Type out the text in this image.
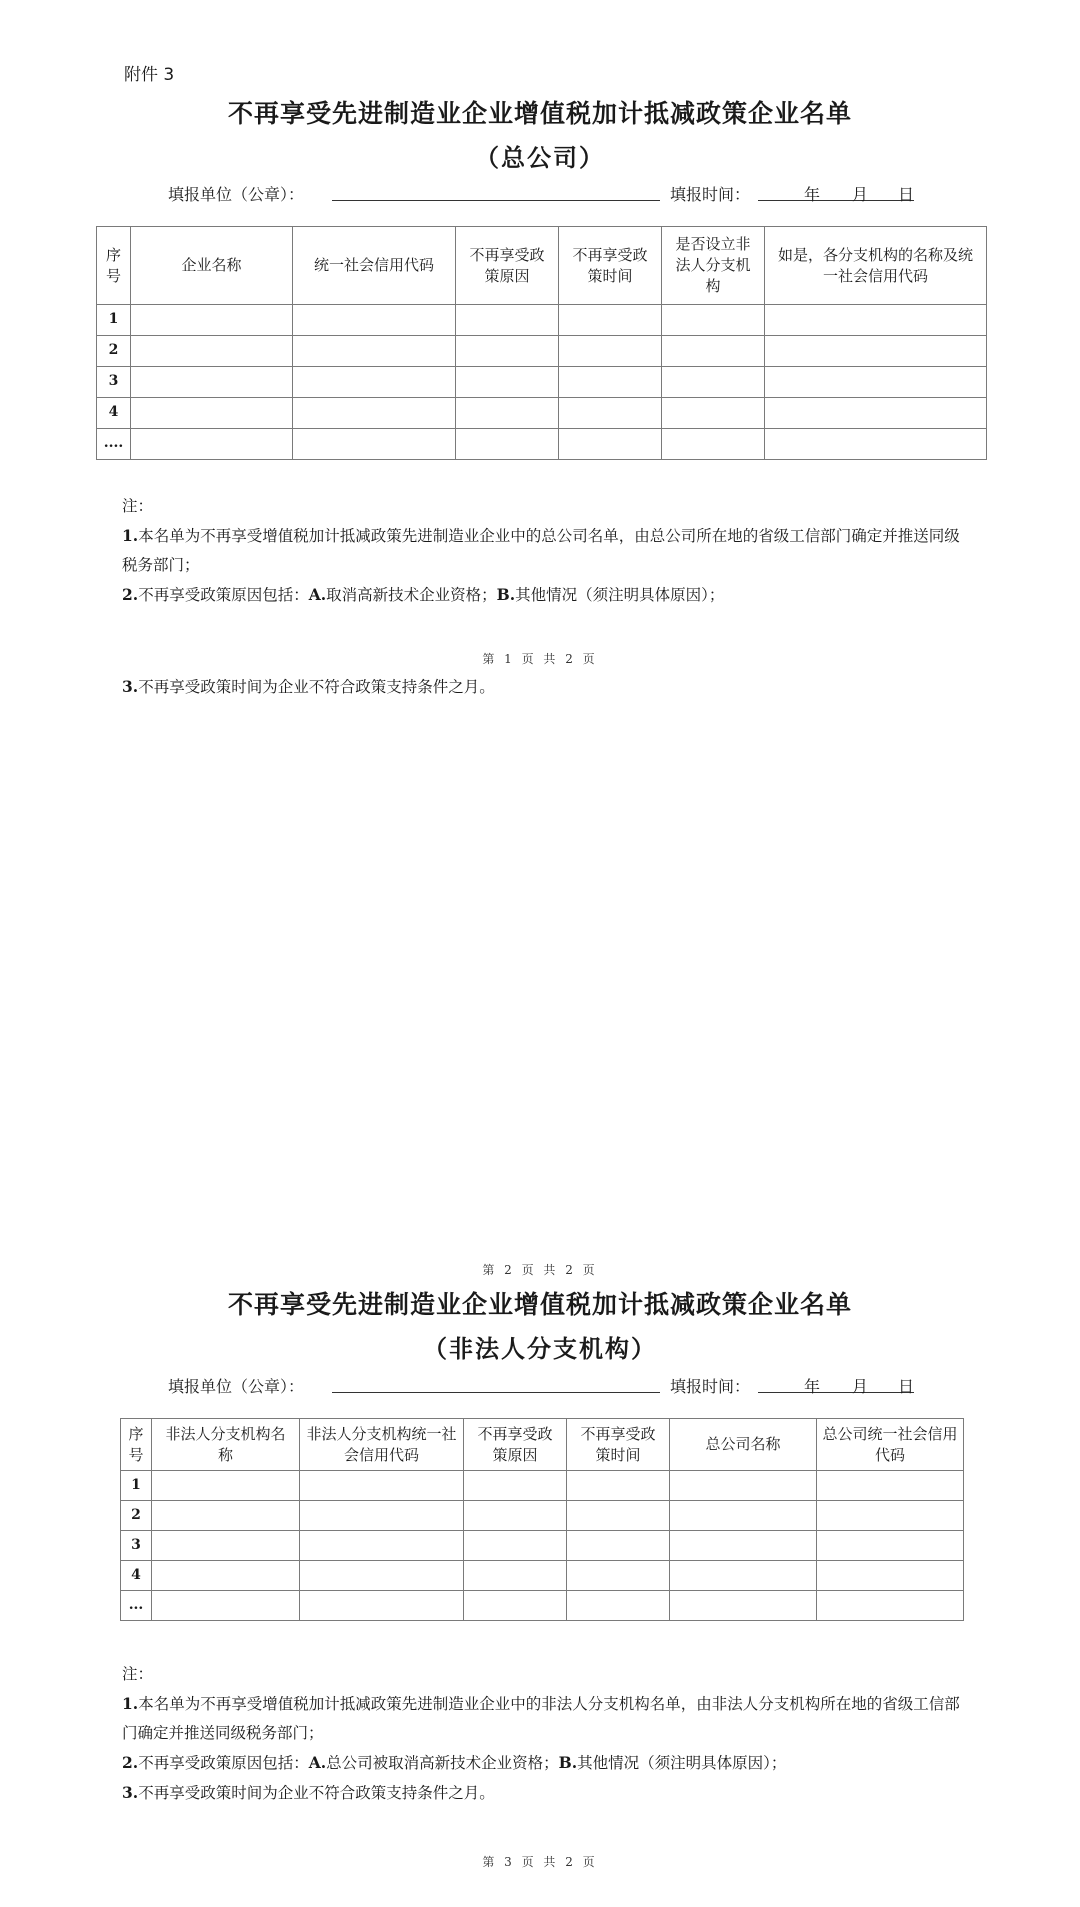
附件 3
不再享受先进制造业企业增值税加计抵减政策企业名单
（总公司）
填报单位（公章）：	填报时间：	年 月 日
序号	企业名称	统一社会信用代码	不再享受政策原因	不再享受政策时间	是否设立非法人分支机构	如是，各分支机构的名称及统一社会信用代码
1						
2						
3						
4						
....						
注：
1.本名单为不再享受增值税加计抵减政策先进制造业企业中的总公司名单，由总公司所在地的省级工信部门确定并推送同级税务部门；
2.不再享受政策原因包括：A.取消高新技术企业资格；B.其他情况（须注明具体原因）；
第 1 页 共 2 页
3.不再享受政策时间为企业不符合政策支持条件之月。
第 2 页 共 2 页
不再享受先进制造业企业增值税加计抵减政策企业名单
（非法人分支机构）
填报单位（公章）：	填报时间：	年 月 日
序号	非法人分支机构名称	非法人分支机构统一社会信用代码	不再享受政策原因	不再享受政策时间	总公司名称	总公司统一社会信用代码
1						
2						
3						
4						
...						
注：
1.本名单为不再享受增值税加计抵减政策先进制造业企业中的非法人分支机构名单，由非法人分支机构所在地的省级工信部门确定并推送同级税务部门；
2.不再享受政策原因包括：A.总公司被取消高新技术企业资格；B.其他情况（须注明具体原因）；
3.不再享受政策时间为企业不符合政策支持条件之月。
第 3 页 共 2 页
